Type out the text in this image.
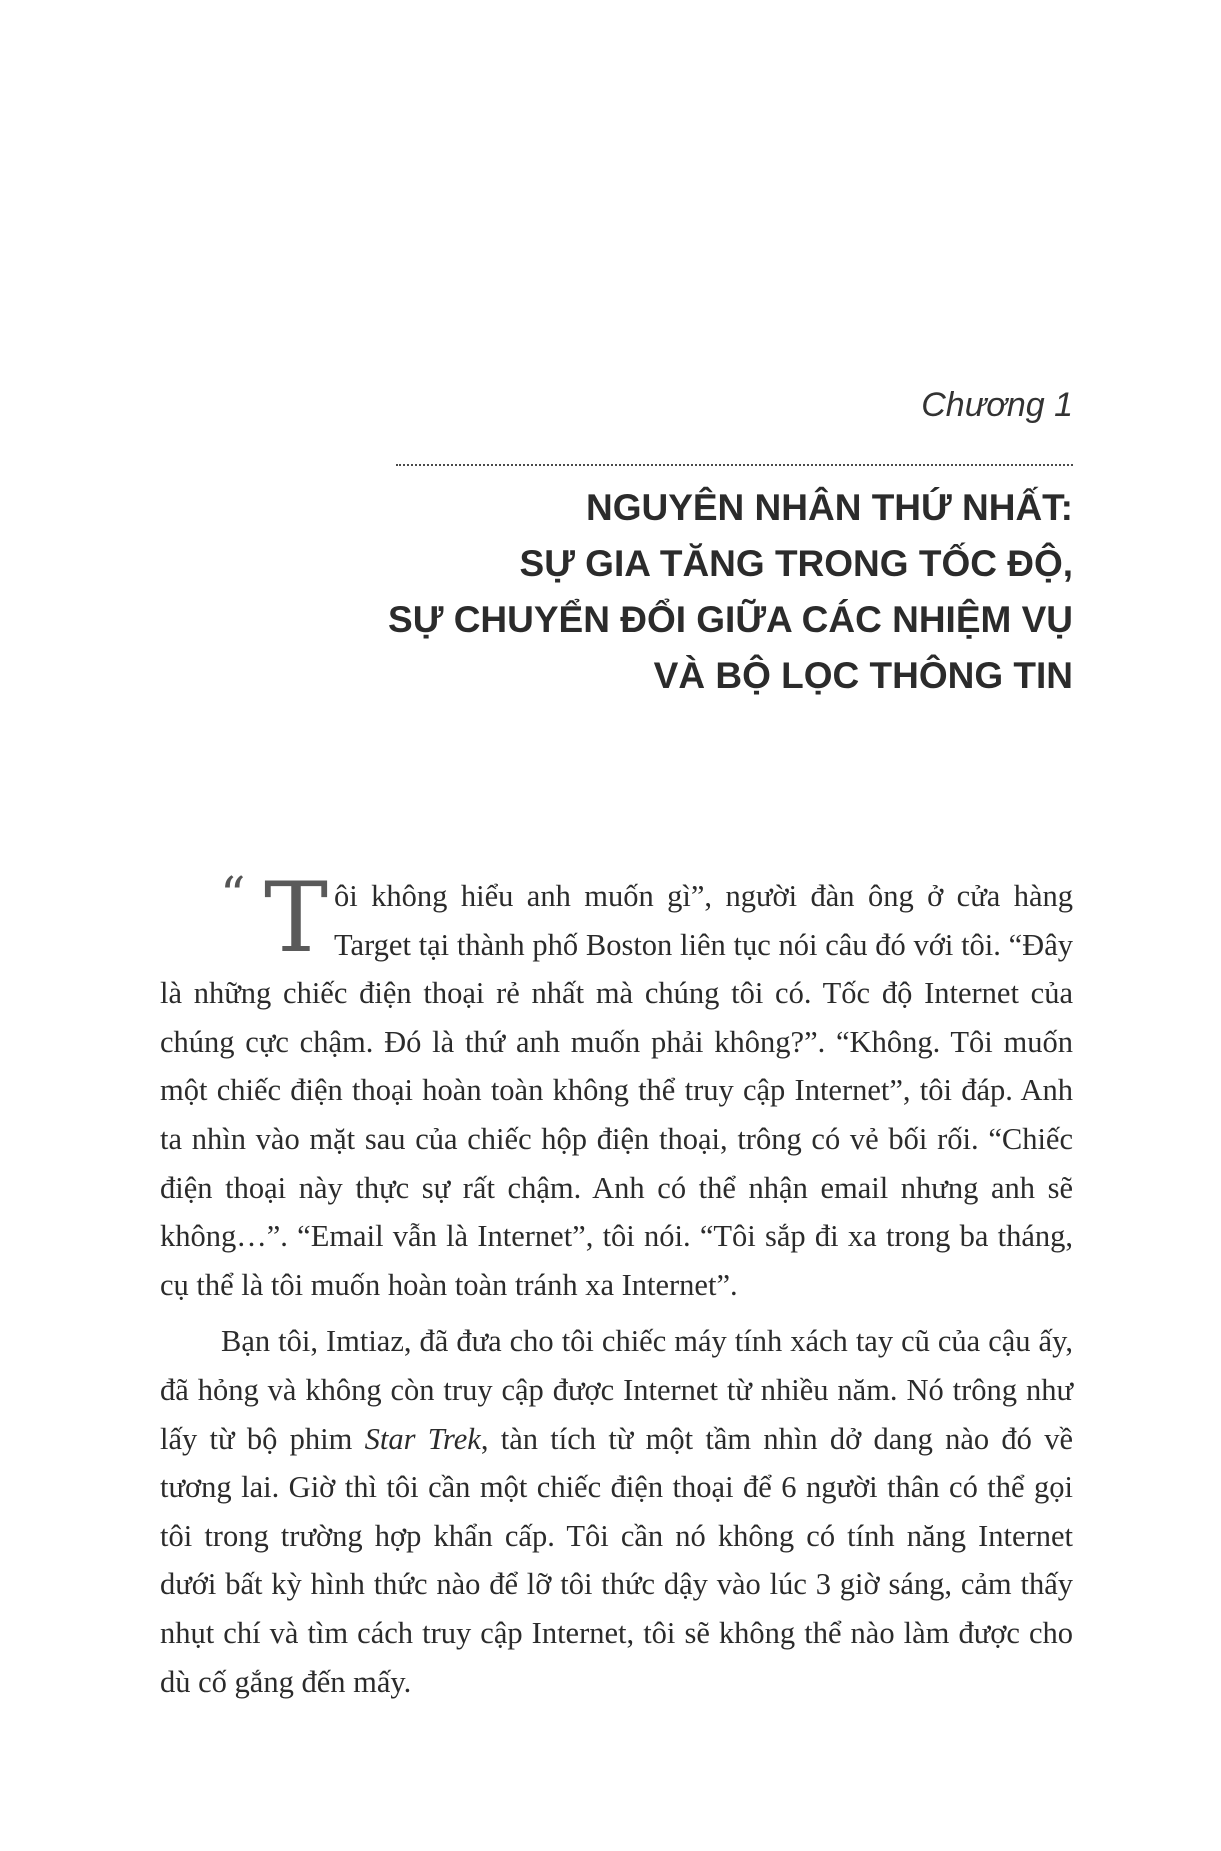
Chương 1
NGUYÊN NHÂN THỨ NHẤT:
SỰ GIA TĂNG TRONG TỐC ĐỘ,
SỰ CHUYỂN ĐỔI GIỮA CÁC NHIỆM VỤ
VÀ BỘ LỌC THÔNG TIN

“ T ôi không hiểu anh muốn gì”, người đàn ông ở cửa hàng Target tại thành phố Boston liên tục nói câu đó với tôi. “Đây là những chiếc điện thoại rẻ nhất mà chúng tôi có. Tốc độ Internet của chúng cực chậm. Đó là thứ anh muốn phải không?”. “Không. Tôi muốn một chiếc điện thoại hoàn toàn không thể truy cập Internet”, tôi đáp. Anh ta nhìn vào mặt sau của chiếc hộp điện thoại, trông có vẻ bối rối. “Chiếc điện thoại này thực sự rất chậm. Anh có thể nhận email nhưng anh sẽ không…”. “Email vẫn là Internet”, tôi nói. “Tôi sắp đi xa trong ba tháng, cụ thể là tôi muốn hoàn toàn tránh xa Internet”.

Bạn tôi, Imtiaz, đã đưa cho tôi chiếc máy tính xách tay cũ của cậu ấy, đã hỏng và không còn truy cập được Internet từ nhiều năm. Nó trông như lấy từ bộ phim Star Trek, tàn tích từ một tầm nhìn dở dang nào đó về tương lai. Giờ thì tôi cần một chiếc điện thoại để 6 người thân có thể gọi tôi trong trường hợp khẩn cấp. Tôi cần nó không có tính năng Internet dưới bất kỳ hình thức nào để lỡ tôi thức dậy vào lúc 3 giờ sáng, cảm thấy nhụt chí và tìm cách truy cập Internet, tôi sẽ không thể nào làm được cho dù cố gắng đến mấy.
